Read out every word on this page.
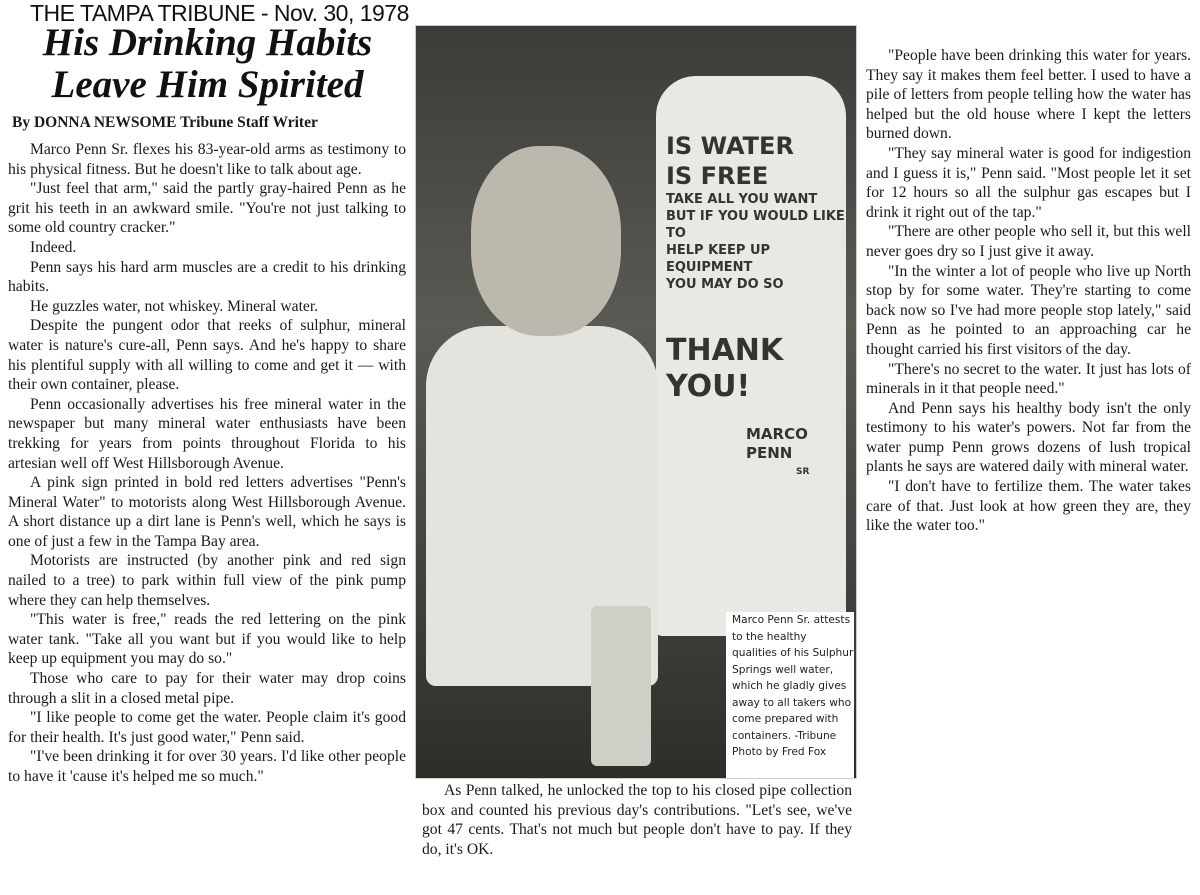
THE TAMPA TRIBUNE - Nov. 30, 1978
His Drinking Habits
Leave Him Spirited
By DONNA NEWSOME Tribune Staff Writer

Marco Penn Sr. flexes his 83-year-old arms as testimony to his physical fitness. But he doesn't like to talk about age.

"Just feel that arm," said the partly gray-haired Penn as he grit his teeth in an awkward smile. "You're not just talking to some old country cracker."

Indeed.

Penn says his hard arm muscles are a credit to his drinking habits.

He guzzles water, not whiskey. Mineral water.

Despite the pungent odor that reeks of sulphur, mineral water is nature's cure-all, Penn says. And he's happy to share his plentiful supply with all willing to come and get it — with their own container, please.

Penn occasionally advertises his free mineral water in the newspaper but many mineral water enthusiasts have been trekking for years from points throughout Florida to his artesian well off West Hillsborough Avenue.

A pink sign printed in bold red letters advertises "Penn's Mineral Water" to motorists along West Hillsborough Avenue. A short distance up a dirt lane is Penn's well, which he says is one of just a few in the Tampa Bay area.

Motorists are instructed (by another pink and red sign nailed to a tree) to park within full view of the pink pump where they can help themselves.

"This water is free," reads the red lettering on the pink water tank. "Take all you want but if you would like to help keep up equipment you may do so."

Those who care to pay for their water may drop coins through a slit in a closed metal pipe.

"I like people to come get the water. People claim it's good for their health. It's just good water," Penn said.

"I've been drinking it for over 30 years. I'd like other people to have it 'cause it's helped me so much."

IS WATER
IS FREE
TAKE ALL YOU WANT
BUT IF YOU WOULD LIKE TO
HELP KEEP UP EQUIPMENT
YOU MAY DO SO
THANK
YOU!
MARCO
PENN
SR
Marco Penn Sr. attests to the healthy qualities of his Sulphur Springs well water, which he gladly gives away to all takers who come prepared with containers. -Tribune Photo by Fred Fox

As Penn talked, he unlocked the top to his closed pipe collection box and counted his previous day's contributions. "Let's see, we've got 47 cents. That's not much but people don't have to pay. If they do, it's OK.

"People have been drinking this water for years. They say it makes them feel better. I used to have a pile of letters from people telling how the water has helped but the old house where I kept the letters burned down.

"They say mineral water is good for indigestion and I guess it is," Penn said. "Most people let it set for 12 hours so all the sulphur gas escapes but I drink it right out of the tap."

"There are other people who sell it, but this well never goes dry so I just give it away.

"In the winter a lot of people who live up North stop by for some water. They're starting to come back now so I've had more people stop lately," said Penn as he pointed to an approaching car he thought carried his first visitors of the day.

"There's no secret to the water. It just has lots of minerals in it that people need."

And Penn says his healthy body isn't the only testimony to his water's powers. Not far from the water pump Penn grows dozens of lush tropical plants he says are watered daily with mineral water.

"I don't have to fertilize them. The water takes care of that. Just look at how green they are, they like the water too."
